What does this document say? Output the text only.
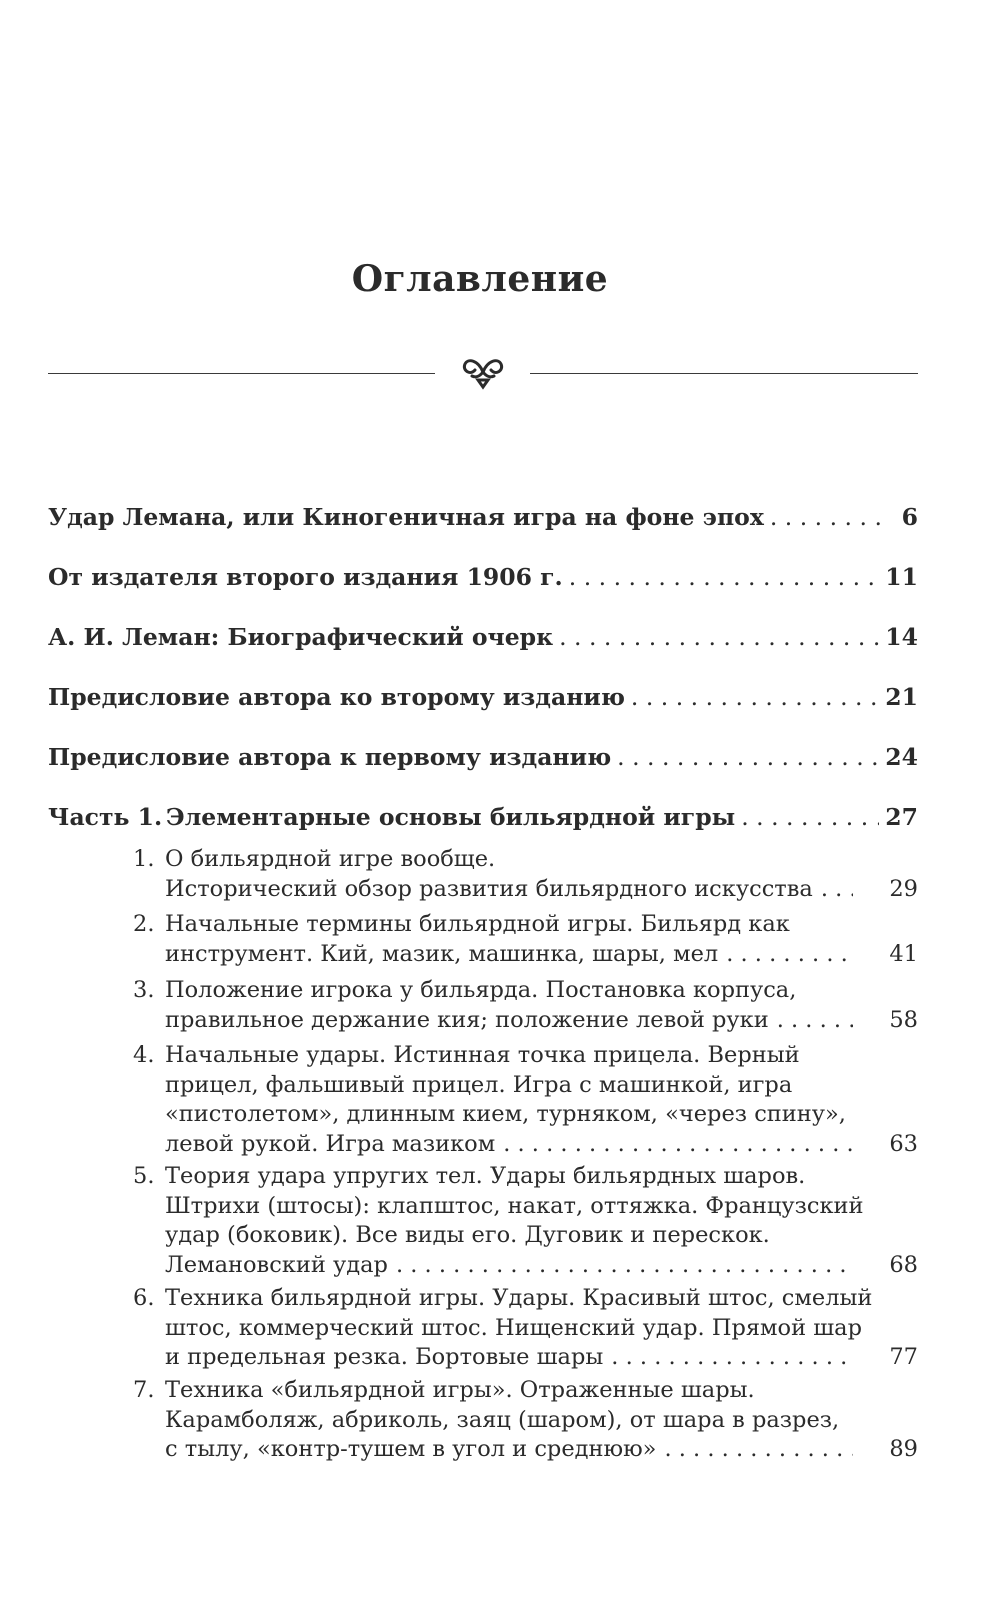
Оглавление
Удар Лемана, или Киногеничная игра на фоне эпох . . .	6
От издателя второго издания 1906 г. . . .	11
А. И. Леман: Биографический очерк . . .	14
Предисловие автора ко второму изданию . . .	21
Предисловие автора к первому изданию . . .	24
Часть 1. Элементарные основы бильярдной игры . . .	27
1. О бильярдной игре вообще.
Исторический обзор развития бильярдного искусства . . .	29
2. Начальные термины бильярдной игры. Бильярд как
инструмент. Кий, мазик, машинка, шары, мел . . .	41
3. Положение игрока у бильярда. Постановка корпуса,
правильное держание кия; положение левой руки . . .	58
4. Начальные удары. Истинная точка прицела. Верный
прицел, фальшивый прицел. Игра с машинкой, игра
«пистолетом», длинным кием, турняком, «через спину»,
левой рукой. Игра мазиком . . .	63
5. Теория удара упругих тел. Удары бильярдных шаров.
Штрихи (штосы): клапштос, накат, оттяжка. Французский
удар (боковик). Все виды его. Дуговик и перескок.
Лемановский удар . . .	68
6. Техника бильярдной игры. Удары. Красивый штос, смелый
штос, коммерческий штос. Нищенский удар. Прямой шар
и предельная резка. Бортовые шары . . .	77
7. Техника «бильярдной игры». Отраженные шары.
Карамболяж, абриколь, заяц (шаром), от шара в разрез,
с тылу, «контр-тушем в угол и среднюю» . . .	89
